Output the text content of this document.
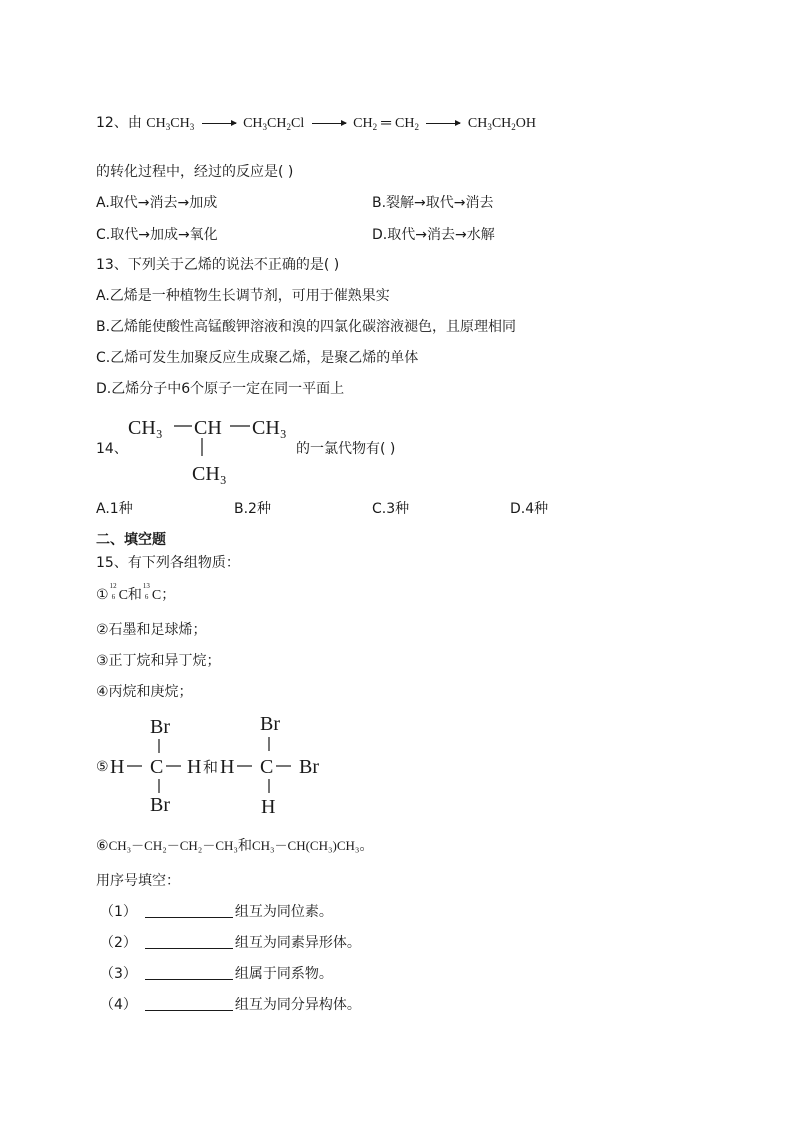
12、由 $CH_3CH_3 \to CH_3CH_2Cl \to CH_2$ ═ $CH_2 \to CH_3CH_2OH$
的转化过程中，经过的反应是( )
A.取代→消去→加成	B.裂解→取代→消去
C.取代→加成→氧化	D.取代→消去→水解
13、下列关于乙烯的说法不正确的是( )
A.乙烯是一种植物生长调节剂，可用于催熟果实
B.乙烯能使酸性高锰酸钾溶液和溴的四氯化碳溶液褪色，且原理相同
C.乙烯可发生加聚反应生成聚乙烯，是聚乙烯的单体
D.乙烯分子中6个原子一定在同一平面上
14、
CH₃ CH CH₃
CH₃
的一氯代物有( )
A.1种	B.2种	C.3种	D.4种
二、填空题
15、有下列各组物质：
①
12
6 C和
13
6 C；
②石墨和足球烯；
③正丁烷和异丁烷；
④丙烷和庚烷；
⑤
Br
H C H
Br
和
Br
H C Br
H
⑥CH₃－CH₂－CH₂－CH₃和CH₃－CH(CH₃)CH₃。
用序号填空：
（1）	组互为同位素。
（2）	组互为同素异形体。
（3）	组属于同系物。
（4）	组互为同分异构体。
